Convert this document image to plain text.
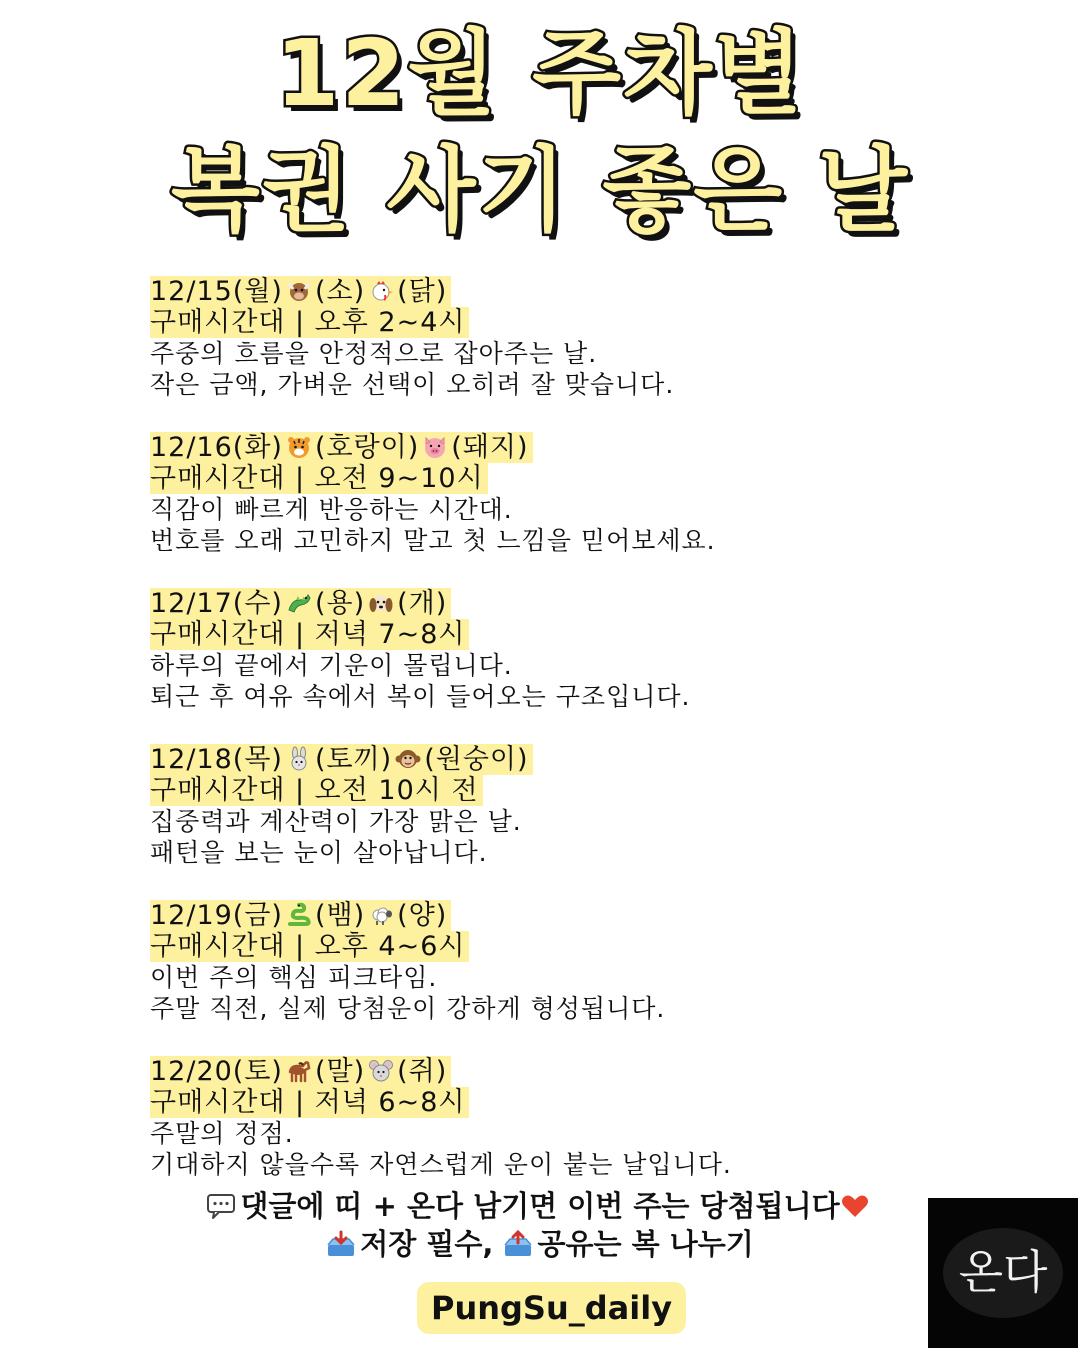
12월 주차별
복권 사기 좋은 날
12/15(월) (소) (닭)
구매시간대 | 오후 2~4시
주중의 흐름을 안정적으로 잡아주는 날.
작은 금액, 가벼운 선택이 오히려 잘 맞습니다.
12/16(화) (호랑이) (돼지)
구매시간대 | 오전 9~10시
직감이 빠르게 반응하는 시간대.
번호를 오래 고민하지 말고 첫 느낌을 믿어보세요.
12/17(수) (용) (개)
구매시간대 | 저녁 7~8시
하루의 끝에서 기운이 몰립니다.
퇴근 후 여유 속에서 복이 들어오는 구조입니다.
12/18(목) (토끼) (원숭이)
구매시간대 | 오전 10시 전
집중력과 계산력이 가장 맑은 날.
패턴을 보는 눈이 살아납니다.
12/19(금) (뱀) (양)
구매시간대 | 오후 4~6시
이번 주의 핵심 피크타임.
주말 직전, 실제 당첨운이 강하게 형성됩니다.
12/20(토) (말) (쥐)
구매시간대 | 저녁 6~8시
주말의 정점.
기대하지 않을수록 자연스럽게 운이 붙는 날입니다.
댓글에 띠 + 온다 남기면 이번 주는 당첨됩니다
저장 필수, 공유는 복 나누기
PungSu_daily
온다
